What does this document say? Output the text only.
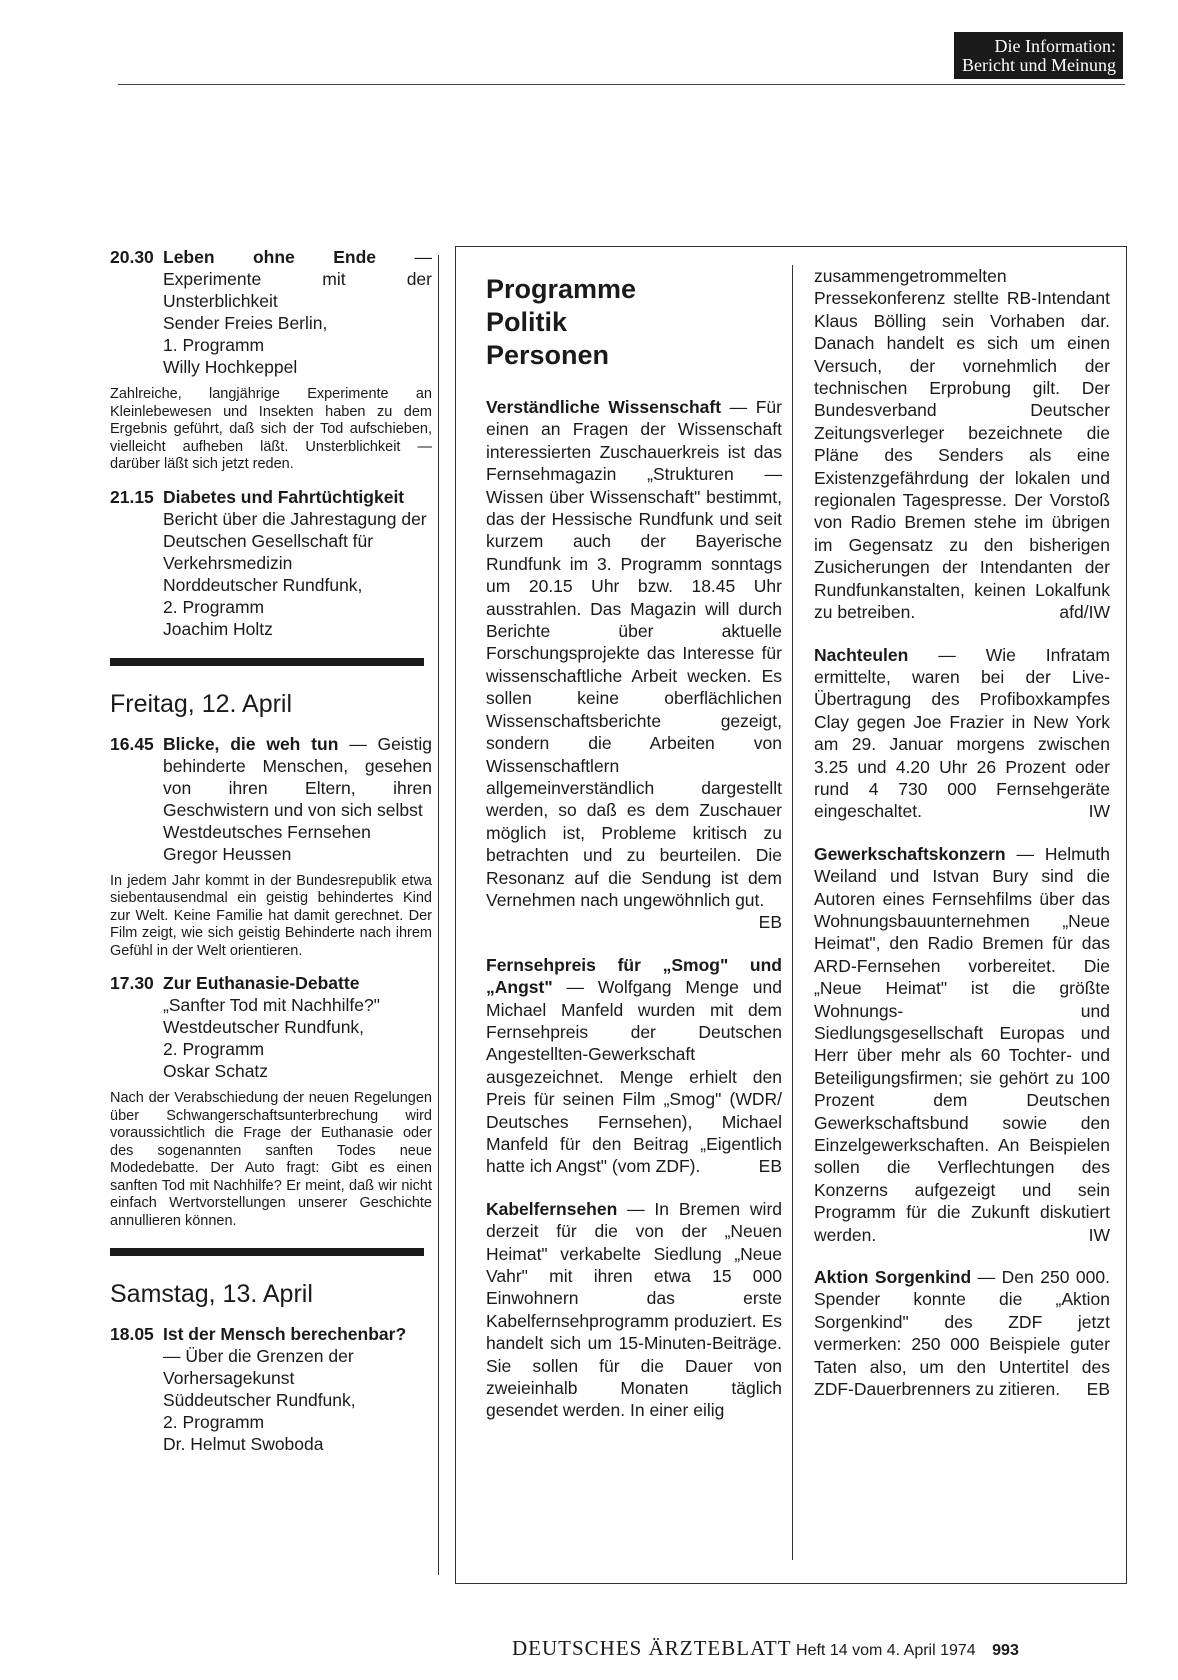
Die Information:
Bericht und Meinung
20.30 Leben ohne Ende — Experimente mit der Unsterblichkeit
Sender Freies Berlin,
1. Programm
Willy Hochkeppel
Zahlreiche, langjährige Experimente an Kleinlebewesen und Insekten haben zu dem Ergebnis geführt, daß sich der Tod aufschieben, vielleicht aufheben läßt. Unsterblichkeit — darüber läßt sich jetzt reden.
21.15 Diabetes und Fahrtüchtigkeit
Bericht über die Jahrestagung der Deutschen Gesellschaft für Verkehrsmedizin
Norddeutscher Rundfunk,
2. Programm
Joachim Holtz
Freitag, 12. April
16.45 Blicke, die weh tun — Geistig behinderte Menschen, gesehen von ihren Eltern, ihren Geschwistern und von sich selbst
Westdeutsches Fernsehen
Gregor Heussen
In jedem Jahr kommt in der Bundesrepublik etwa siebentausendmal ein geistig behindertes Kind zur Welt. Keine Familie hat damit gerechnet. Der Film zeigt, wie sich geistig Behinderte nach ihrem Gefühl in der Welt orientieren.
17.30 Zur Euthanasie-Debatte
„Sanfter Tod mit Nachhilfe?"
Westdeutscher Rundfunk,
2. Programm
Oskar Schatz
Nach der Verabschiedung der neuen Regelungen über Schwangerschaftsunterbrechung wird voraussichtlich die Frage der Euthanasie oder des sogenannten sanften Todes neue Modedebatte. Der Auto fragt: Gibt es einen sanften Tod mit Nachhilfe? Er meint, daß wir nicht einfach Wertvorstellungen unserer Geschichte annullieren können.
Samstag, 13. April
18.05 Ist der Mensch berechenbar?
— Über die Grenzen der Vorhersagekunst
Süddeutscher Rundfunk,
2. Programm
Dr. Helmut Swoboda
Programme
Politik
Personen
Verständliche Wissenschaft — Für einen an Fragen der Wissenschaft interessierten Zuschauerkreis ist das Fernsehmagazin „Strukturen — Wissen über Wissenschaft" bestimmt, das der Hessische Rundfunk und seit kurzem auch der Bayerische Rundfunk im 3. Programm sonntags um 20.15 Uhr bzw. 18.45 Uhr ausstrahlen. Das Magazin will durch Berichte über aktuelle Forschungsprojekte das Interesse für wissenschaftliche Arbeit wecken. Es sollen keine oberflächlichen Wissenschaftsberichte gezeigt, sondern die Arbeiten von Wissenschaftlern allgemeinverständlich dargestellt werden, so daß es dem Zuschauer möglich ist, Probleme kritisch zu betrachten und zu beurteilen. Die Resonanz auf die Sendung ist dem Vernehmen nach ungewöhnlich gut.
EB
Fernsehpreis für „Smog" und „Angst" — Wolfgang Menge und Michael Manfeld wurden mit dem Fernsehpreis der Deutschen Angestellten-Gewerkschaft ausgezeichnet. Menge erhielt den Preis für seinen Film „Smog" (WDR/ Deutsches Fernsehen), Michael Manfeld für den Beitrag „Eigentlich hatte ich Angst" (vom ZDF).	EB
Kabelfernsehen — In Bremen wird derzeit für die von der „Neuen Heimat" verkabelte Siedlung „Neue Vahr" mit ihren etwa 15 000 Einwohnern das erste Kabelfernsehprogramm produziert. Es handelt sich um 15-Minuten-Beiträge. Sie sollen für die Dauer von zweieinhalb Monaten täglich gesendet werden. In einer eilig
zusammengetrommelten Pressekonferenz stellte RB-Intendant Klaus Bölling sein Vorhaben dar. Danach handelt es sich um einen Versuch, der vornehmlich der technischen Erprobung gilt. Der Bundesverband Deutscher Zeitungsverleger bezeichnete die Pläne des Senders als eine Existenzgefährdung der lokalen und regionalen Tagespresse. Der Vorstoß von Radio Bremen stehe im übrigen im Gegensatz zu den bisherigen Zusicherungen der Intendanten der Rundfunkanstalten, keinen Lokalfunk zu betreiben.	afd/IW
Nachteulen — Wie Infratam ermittelte, waren bei der Live-Übertragung des Profiboxkampfes Clay gegen Joe Frazier in New York am 29. Januar morgens zwischen 3.25 und 4.20 Uhr 26 Prozent oder rund 4 730 000 Fernsehgeräte eingeschaltet.	IW
Gewerkschaftskonzern — Helmuth Weiland und Istvan Bury sind die Autoren eines Fernsehfilms über das Wohnungsbauunternehmen „Neue Heimat", den Radio Bremen für das ARD-Fernsehen vorbereitet. Die „Neue Heimat" ist die größte Wohnungs- und Siedlungsgesellschaft Europas und Herr über mehr als 60 Tochter- und Beteiligungsfirmen; sie gehört zu 100 Prozent dem Deutschen Gewerkschaftsbund sowie den Einzelgewerkschaften. An Beispielen sollen die Verflechtungen des Konzerns aufgezeigt und sein Programm für die Zukunft diskutiert werden.	IW
Aktion Sorgenkind — Den 250 000. Spender konnte die „Aktion Sorgenkind" des ZDF jetzt vermerken: 250 000 Beispiele guter Taten also, um den Untertitel des ZDF-Dauerbrenners zu zitieren. EB
DEUTSCHES ÄRZTEBLATT Heft 14 vom 4. April 1974 993
